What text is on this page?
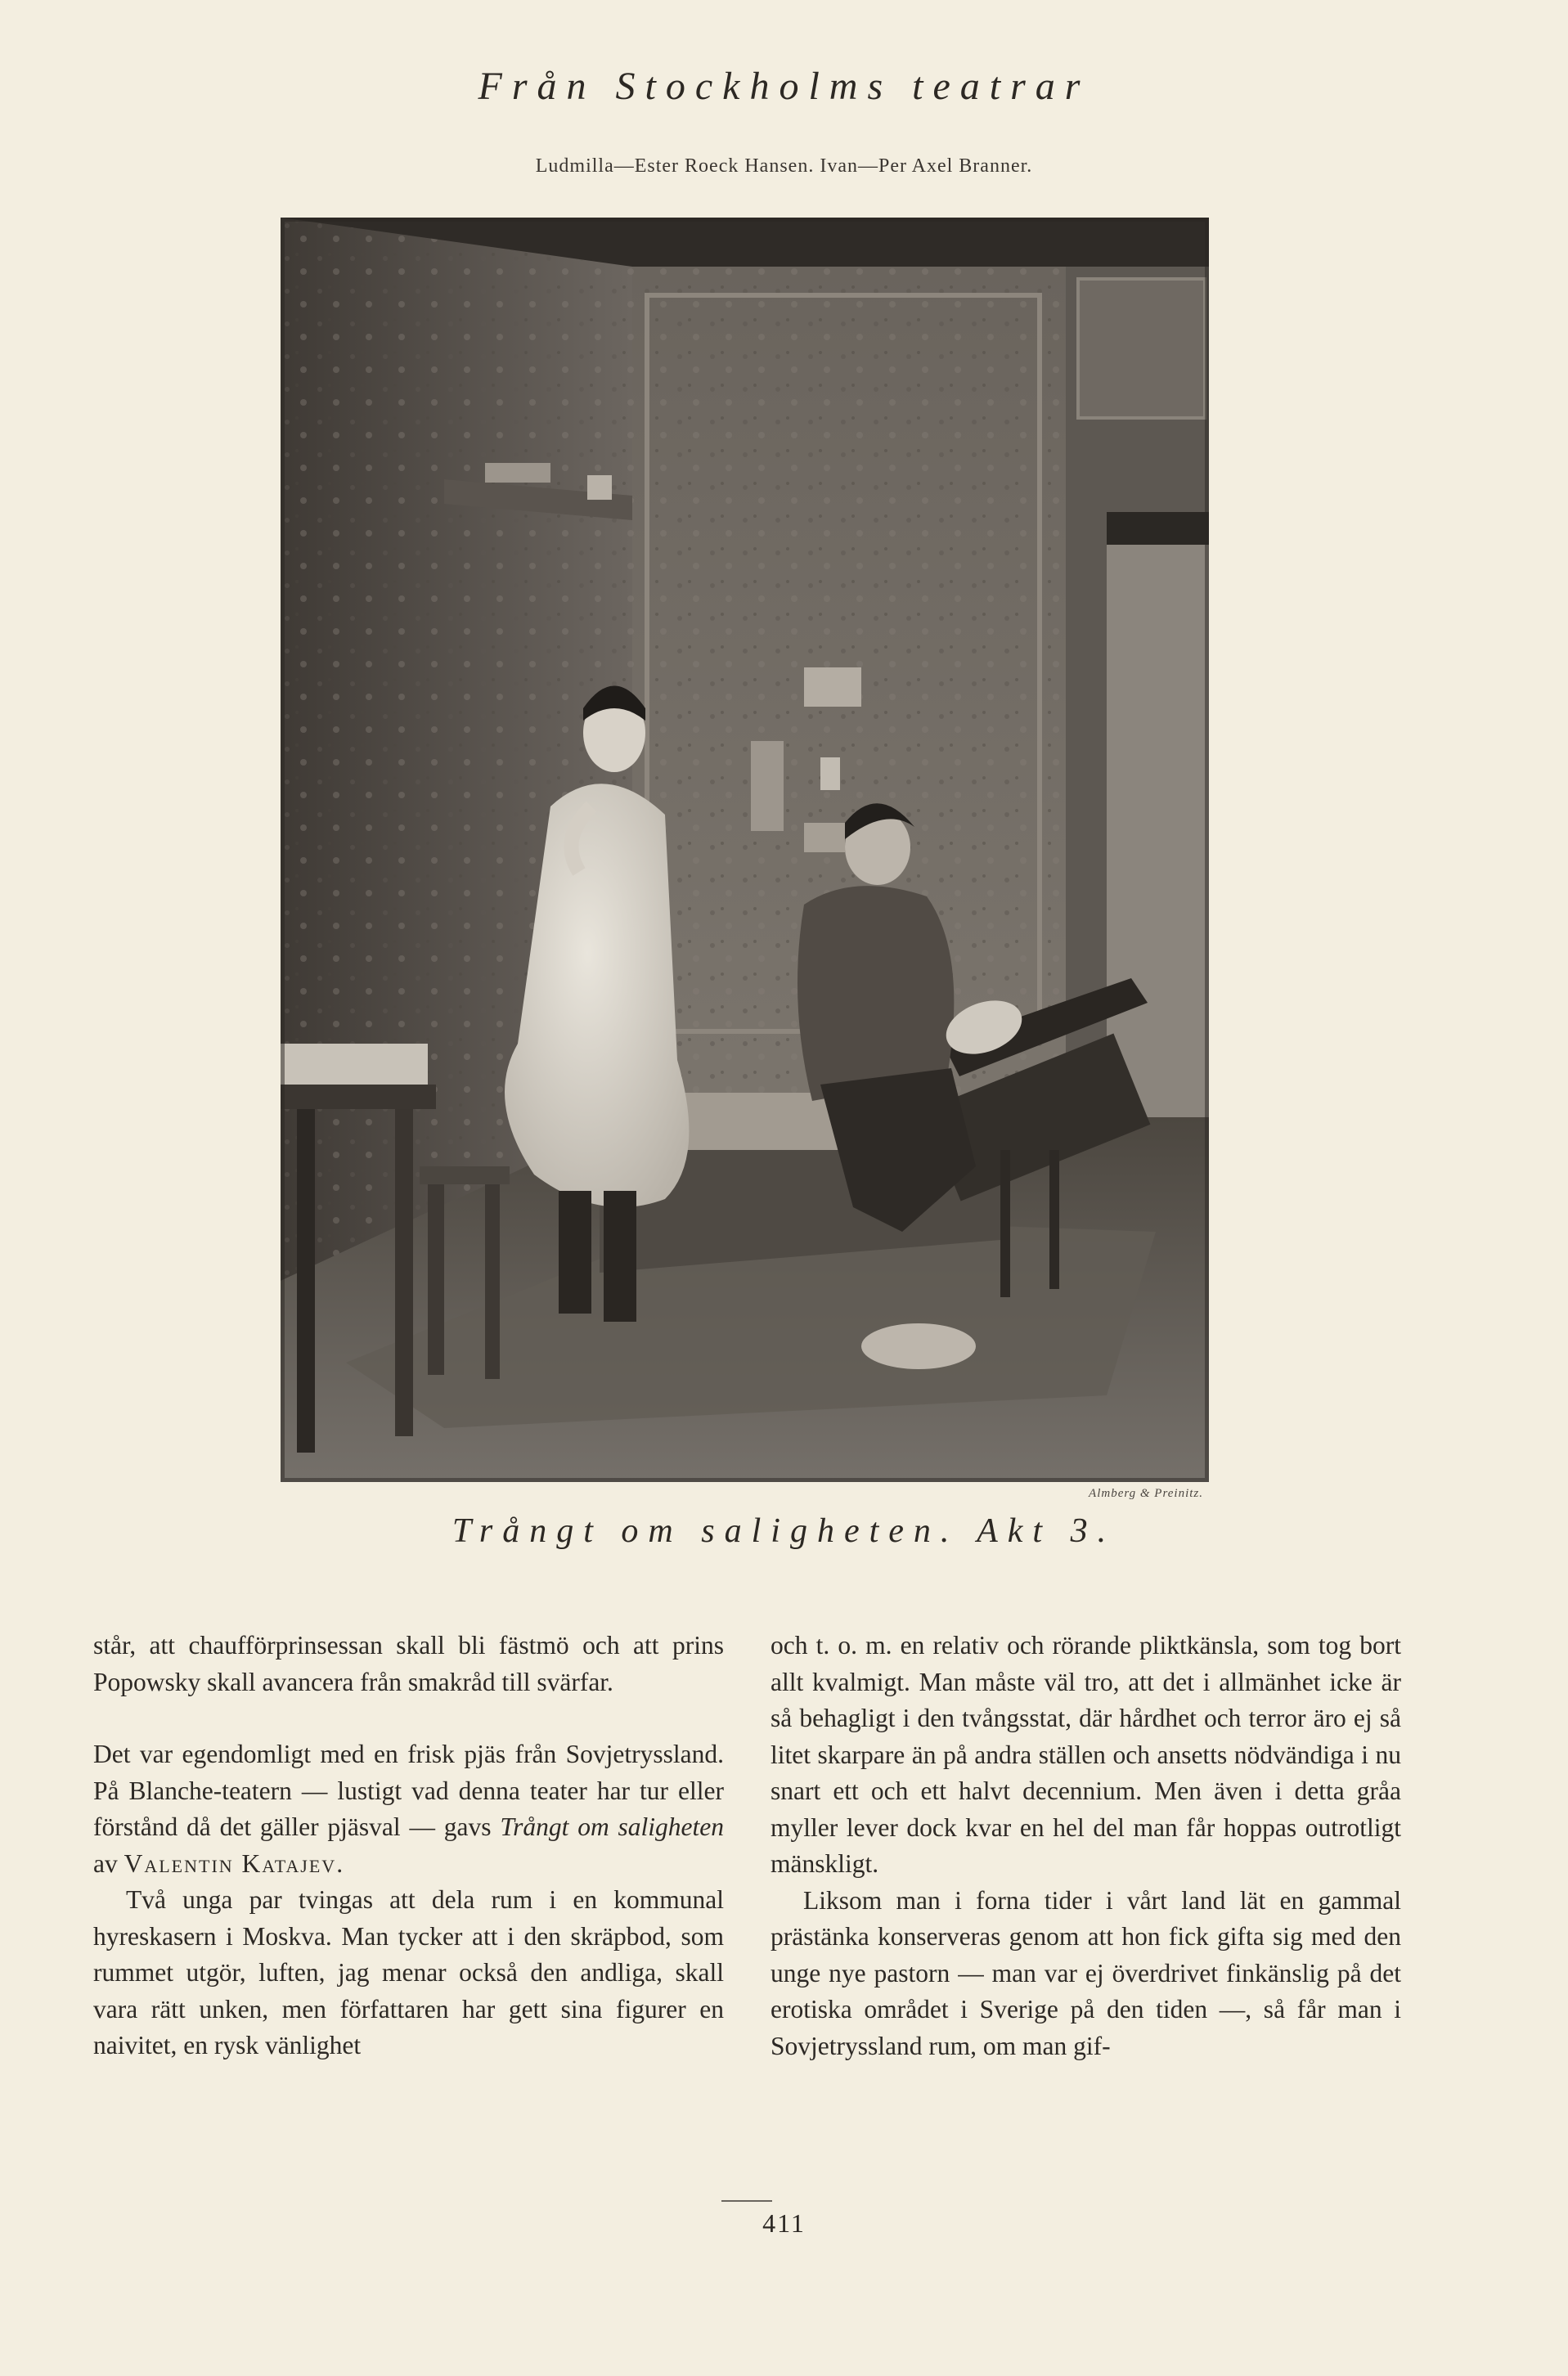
Från Stockholms teatrar
Ludmilla—Ester Roeck Hansen. Ivan—Per Axel Branner.
Almberg & Preinitz.
Trångt om saligheten. Akt 3.

står, att chaufförprinsessan skall bli fästmö och att prins Popowsky skall avancera från smakråd till svärfar.

Det var egendomligt med en frisk pjäs från Sovjetryssland. På Blanche-teatern — lustigt vad denna teater har tur eller förstånd då det gäller pjäsval — gavs Trångt om saligheten av Valentin Katajev.

Två unga par tvingas att dela rum i en kommunal hyreskasern i Moskva. Man tycker att i den skräpbod, som rummet utgör, luften, jag menar också den andliga, skall vara rätt unken, men författaren har gett sina figurer en naivitet, en rysk vänlighet

och t. o. m. en relativ och rörande pliktkänsla, som tog bort allt kvalmigt. Man måste väl tro, att det i allmänhet icke är så behagligt i den tvångsstat, där hårdhet och terror äro ej så litet skarpare än på andra ställen och ansetts nödvändiga i nu snart ett och ett halvt decennium. Men även i detta gråa myller lever dock kvar en hel del man får hoppas outrotligt mänskligt.

Liksom man i forna tider i vårt land lät en gammal prästänka konserveras genom att hon fick gifta sig med den unge nye pastorn — man var ej överdrivet finkänslig på det erotiska området i Sverige på den tiden —, så får man i Sovjetryssland rum, om man gif-

411
